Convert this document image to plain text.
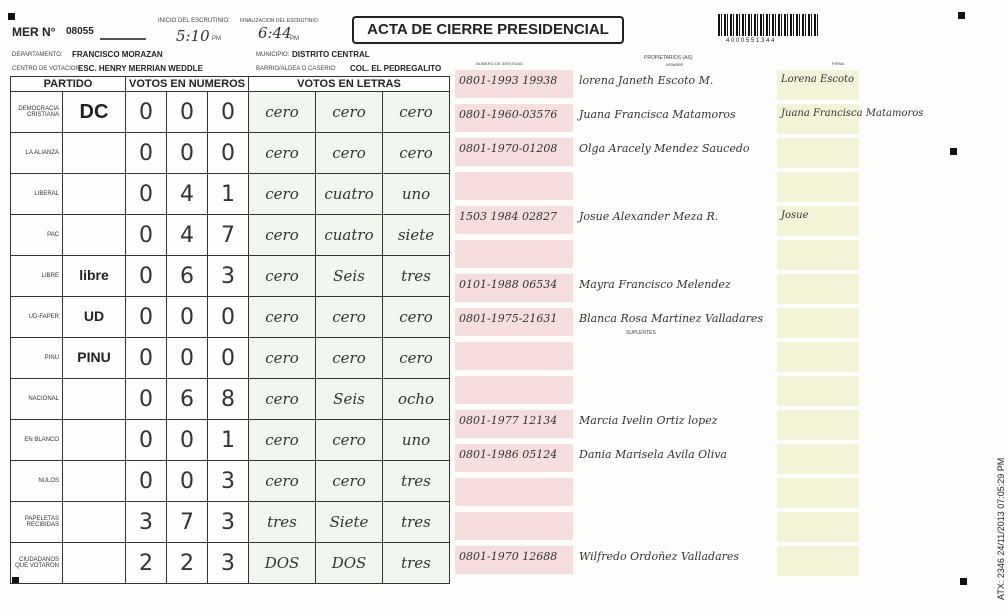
MER N° 08055
INICIO DEL ESCRUTINIO:
5:10 PM
FINALIZACION DEL ESCRUTINIO:
6:44
PM
ACTA DE CIERRE PRESIDENCIAL
4 0 0 0 5 5 1 3 4 4
DEPARTAMENTO: FRANCISCO MORAZAN	MUNICIPIO: DISTRITO CENTRAL
CENTRO DE VOTACION:
ESC. HENRY MERRIAN WEDDLE	BARRIO/ALDEA O CASERIO: COL. EL PEDREGALITO
NUMERO DE IDENTIDAD
PROPIETARIOS (AS)
NOMBRE	FIRMA
PARTIDO		VOTOS EN NUMEROS			VOTOS EN LETRAS		
DEMOCRACIA CRISTIANA	DC	0	0	0	cero	cero	cero
LA ALIANZA		0	0	0	cero	cero	cero
LIBERAL		0	4	1	cero	cuatro	uno
PAC		0	4	7	cero	cuatro	siete
LIBRE	libre	0	6	3	cero	Seis	tres
UD-FAPER	UD	0	0	0	cero	cero	cero
PINU	PINU	0	0	0	cero	cero	cero
NACIONAL		0	6	8	cero	Seis	ocho
EN BLANCO		0	0	1	cero	cero	uno
NULOS		0	0	3	cero	cero	tres
PAPELETAS RECIBIDAS		3	7	3	tres	Siete	tres
CIUDADANOS QUE VOTARON		2	2	3	DOS	DOS	tres
0801-1993 19938 lorena Janeth Escoto M.	Lorena Escoto
0801-1960-03576 Juana Francisca Matamoros	Juana Francisca Matamoros
0801-1970-01208 Olga Aracely Mendez Saucedo
1503 1984 02827 Josue Alexander Meza R.	Josue
0101-1988 06534 Mayra Francisco Melendez
0801-1975-21631 Blanca Rosa Martinez Valladares
0801-1977 12134 Marcia Ivelin Ortiz lopez
0801-1986 05124 Dania Marisela Avila Oliva
0801-1970 12688 Wilfredo Ordoñez Valladares
SUPLENTES
ATX: 2346 24/11/2013 07:05:29 PM
